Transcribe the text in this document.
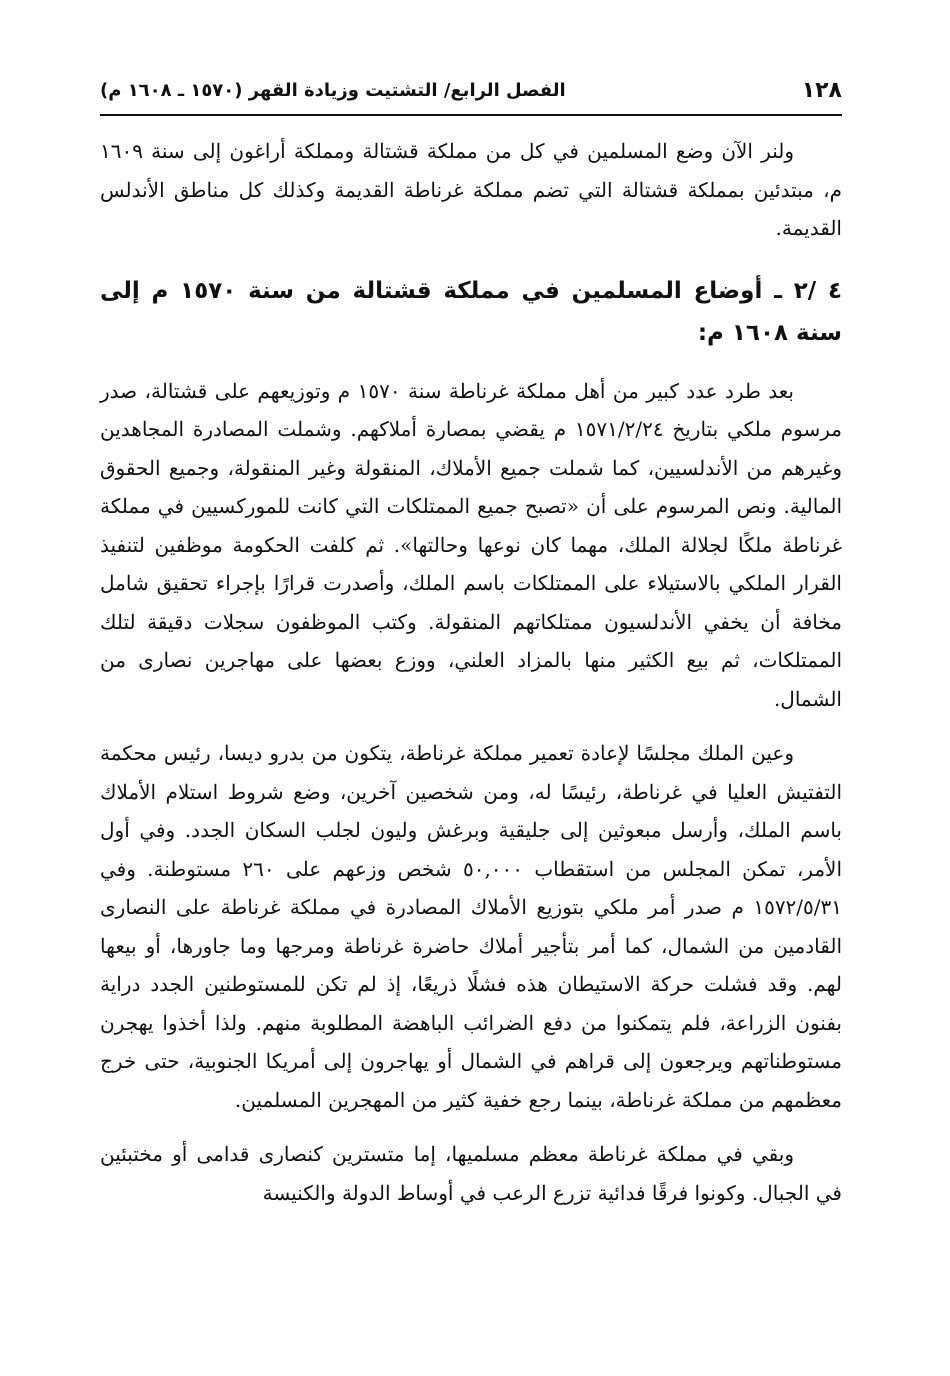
١٢٨
الفصل الرابع/ التشتيت وزيادة القهر (١٥٧٠ ـ ١٦٠٨ م)

ولنر الآن وضع المسلمين في كل من مملكة قشتالة ومملكة أراغون إلى سنة ١٦٠٩ م، مبتدئين بمملكة قشتالة التي تضم مملكة غرناطة القديمة وكذلك كل مناطق الأندلس القديمة.

٤ /٢ ـ أوضاع المسلمين في مملكة قشتالة من سنة ١٥٧٠ م إلى سنة ١٦٠٨ م:

بعد طرد عدد كبير من أهل مملكة غرناطة سنة ١٥٧٠ م وتوزيعهم على قشتالة، صدر مرسوم ملكي بتاريخ ١٥٧١/٢/٢٤ م يقضي بمصارة أملاكهم. وشملت المصادرة المجاهدين وغيرهم من الأندلسيين، كما شملت جميع الأملاك، المنقولة وغير المنقولة، وجميع الحقوق المالية. ونص المرسوم على أن «تصبح جميع الممتلكات التي كانت للموركسيين في مملكة غرناطة ملكًا لجلالة الملك، مهما كان نوعها وحالتها». ثم كلفت الحكومة موظفين لتنفيذ القرار الملكي بالاستيلاء على الممتلكات باسم الملك، وأصدرت قرارًا بإجراء تحقيق شامل مخافة أن يخفي الأندلسيون ممتلكاتهم المنقولة. وكتب الموظفون سجلات دقيقة لتلك الممتلكات، ثم بيع الكثير منها بالمزاد العلني، ووزع بعضها على مهاجرين نصارى من الشمال.

وعين الملك مجلسًا لإعادة تعمير مملكة غرناطة، يتكون من بدرو ديسا، رئيس محكمة التفتيش العليا في غرناطة، رئيسًا له، ومن شخصين آخرين، وضع شروط استلام الأملاك باسم الملك، وأرسل مبعوثين إلى جليقية وبرغش وليون لجلب السكان الجدد. وفي أول الأمر، تمكن المجلس من استقطاب ٥٠,٠٠٠ شخص وزعهم على ٢٦٠ مستوطنة. وفي ١٥٧٢/٥/٣١ م صدر أمر ملكي بتوزيع الأملاك المصادرة في مملكة غرناطة على النصارى القادمين من الشمال، كما أمر بتأجير أملاك حاضرة غرناطة ومرجها وما جاورها، أو بيعها لهم. وقد فشلت حركة الاستيطان هذه فشلًا ذريعًا، إذ لم تكن للمستوطنين الجدد دراية بفنون الزراعة، فلم يتمكنوا من دفع الضرائب الباهضة المطلوبة منهم. ولذا أخذوا يهجرن مستوطناتهم ويرجعون إلى قراهم في الشمال أو يهاجرون إلى أمريكا الجنوبية، حتى خرج معظمهم من مملكة غرناطة، بينما رجع خفية كثير من المهجرين المسلمين.

وبقي في مملكة غرناطة معظم مسلميها، إما متسترين كنصارى قدامى أو مختبئين في الجبال. وكونوا فرقًا فدائية تزرع الرعب في أوساط الدولة والكنيسة
